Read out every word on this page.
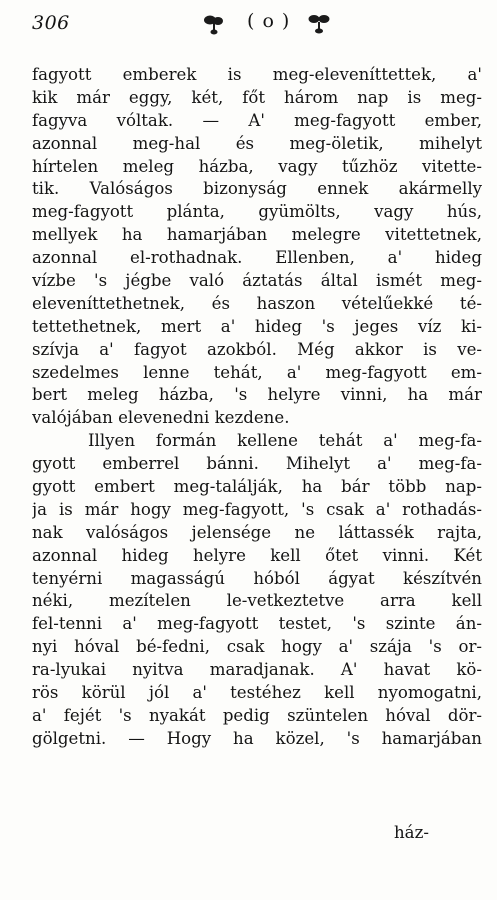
306	( o )
fagyott emberek is meg-eleveníttettek, a'
kik már eggy, két, főt három nap is meg-
fagyva vóltak. — A' meg-fagyott ember,
azonnal meg-hal és meg-öletik, mihelyt
hírtelen meleg házba, vagy tűzhöz vitette-
tik. Valóságos bizonyság ennek akármelly
meg-fagyott plánta, gyümölts, vagy hús,
mellyek ha hamarjában melegre vitettetnek,
azonnal el-rothadnak. Ellenben, a' hideg
vízbe 's jégbe való áztatás által ismét meg-
eleveníttethetnek, és haszon vételűekké té-
tettethetnek, mert a' hideg 's jeges víz ki-
szívja a' fagyot azokból. Még akkor is ve-
szedelmes lenne tehát, a' meg-fagyott em-
bert meleg házba, 's helyre vinni, ha már
valójában elevenedni kezdene.
Illyen formán kellene tehát a' meg-fa-
gyott emberrel bánni. Mihelyt a' meg-fa-
gyott embert meg-találják, ha bár több nap-
ja is már hogy meg-fagyott, 's csak a' rothadás-
nak valóságos jelensége ne láttassék rajta,
azonnal hideg helyre kell őtet vinni. Két
tenyérni magasságú hóból ágyat készítvén
néki, mezítelen le-vetkeztetve arra kell
fel-tenni a' meg-fagyott testet, 's szinte án-
nyi hóval bé-fedni, csak hogy a' szája 's or-
ra-lyukai nyitva maradjanak. A' havat kö-
rös körül jól a' testéhez kell nyomogatni,
a' fejét 's nyakát pedig szüntelen hóval dör-
gölgetni. — Hogy ha közel, 's hamarjában
ház-
